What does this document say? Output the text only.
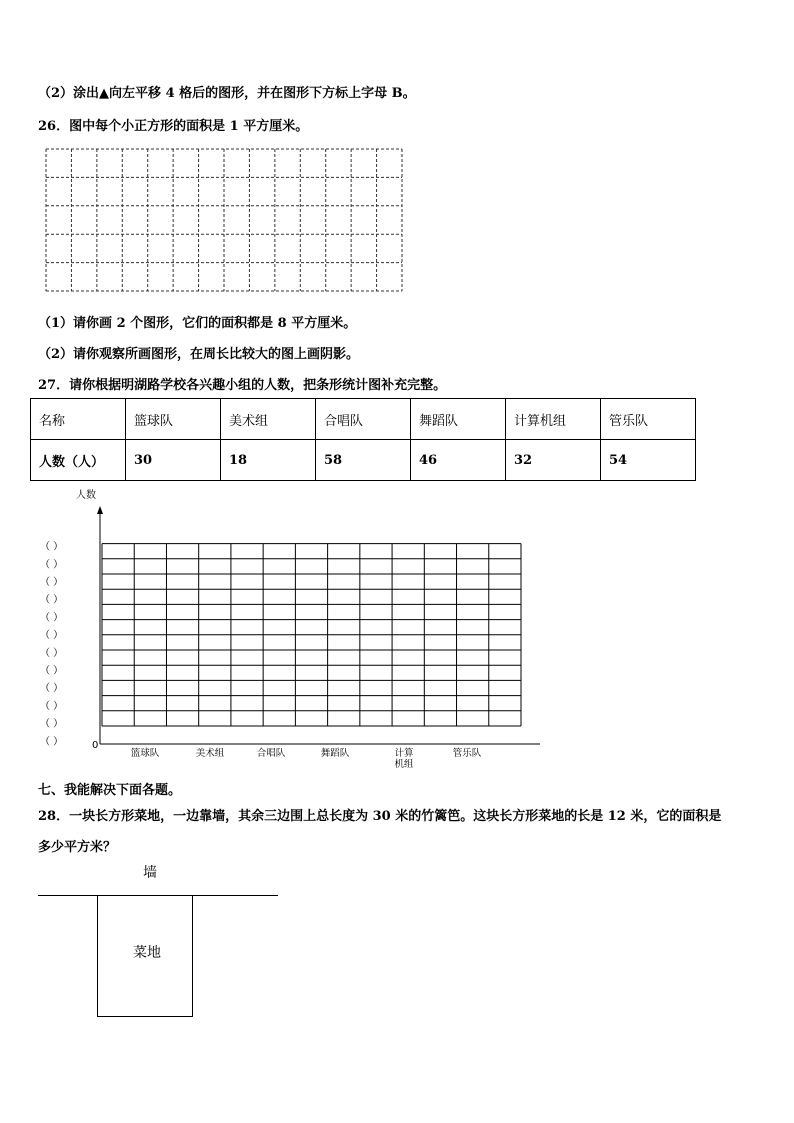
（2）涂出▲向左平移 4 格后的图形，并在图形下方标上字母 B。
26．图中每个小正方形的面积是 1 平方厘米。
（1）请你画 2 个图形，它们的面积都是 8 平方厘米。
（2）请你观察所画图形，在周长比较大的图上画阴影。
27．请你根据明湖路学校各兴趣小组的人数，把条形统计图补充完整。
名称	篮球队	美术组	合唱队	舞蹈队	计算机组	管乐队
人数（人）	30	18	58	46	32	54
人数
0
（ ）
（ ）
（ ）
（ ）
（ ）
（ ）
（ ）
（ ）
（ ）
（ ）
（ ）
（ ）
篮球队	美术组	合唱队	舞蹈队	计算
机组
管乐队
七、我能解决下面各题。
28．一块长方形菜地，一边靠墙，其余三边围上总长度为 30 米的竹篱笆。这块长方形菜地的长是 12 米，它的面积是
多少平方米？
墙
菜地
